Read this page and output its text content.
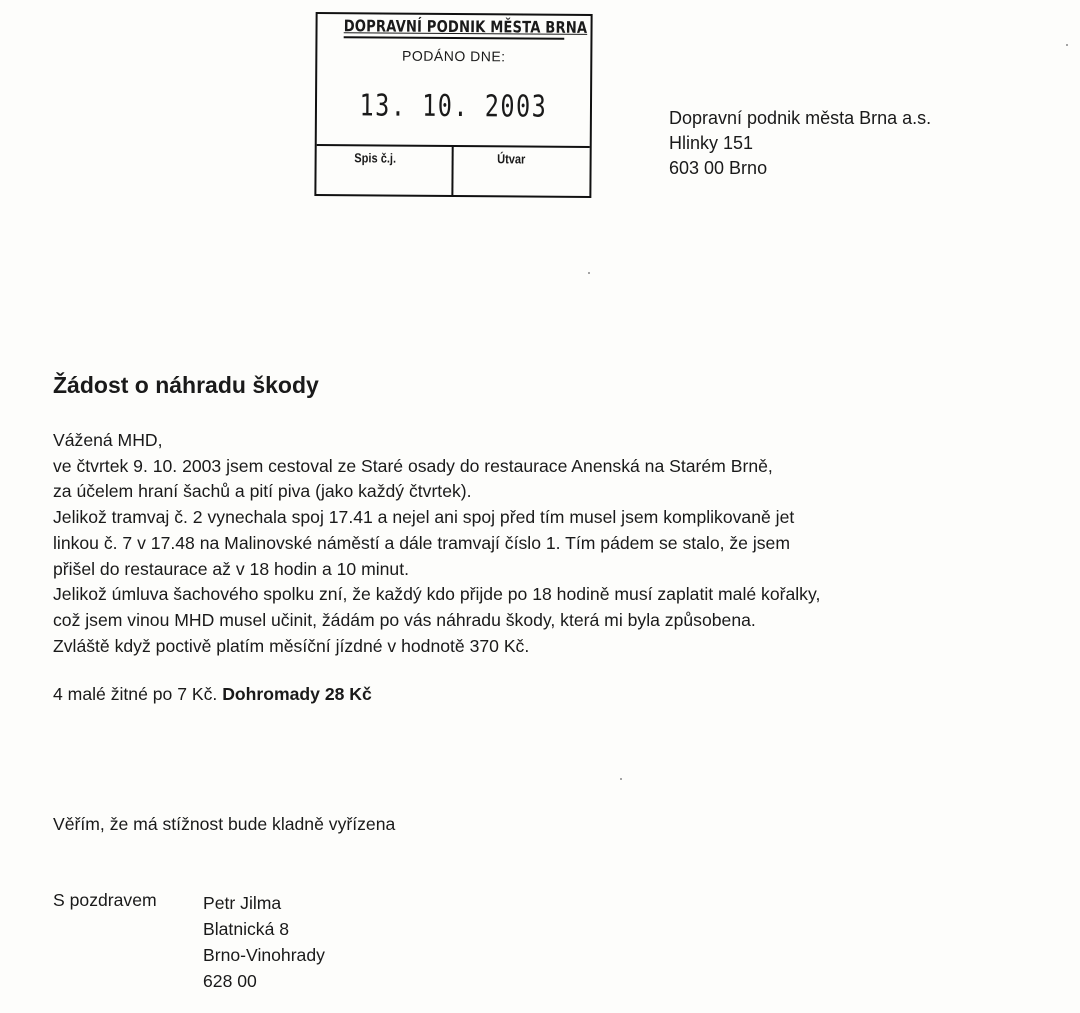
DOPRAVNÍ PODNIK MĚSTA BRNA
PODÁNO DNE:
13. 10. 2003
Spis č.j.	Útvar
Dopravní podnik města Brna a.s.
Hlinky 151
603 00 Brno
Žádost o náhradu škody
Vážená MHD,
ve čtvrtek 9. 10. 2003 jsem cestoval ze Staré osady do restaurace Anenská na Starém Brně,
za účelem hraní šachů a pití piva (jako každý čtvrtek).
Jelikož tramvaj č. 2 vynechala spoj 17.41 a nejel ani spoj před tím musel jsem komplikovaně jet
linkou č. 7 v 17.48 na Malinovské náměstí a dále tramvají číslo 1. Tím pádem se stalo, že jsem
přišel do restaurace až v 18 hodin a 10 minut.
Jelikož úmluva šachového spolku zní, že každý kdo přijde po 18 hodině musí zaplatit malé kořalky,
což jsem vinou MHD musel učinit, žádám po vás náhradu škody, která mi byla způsobena.
Zvláště když poctivě platím měsíční jízdné v hodnotě 370 Kč.
4 malé žitné po 7 Kč. Dohromady 28 Kč
Věřím, že má stížnost bude kladně vyřízena
S pozdravem	Petr Jilma
Blatnická 8
Brno-Vinohrady
628 00
